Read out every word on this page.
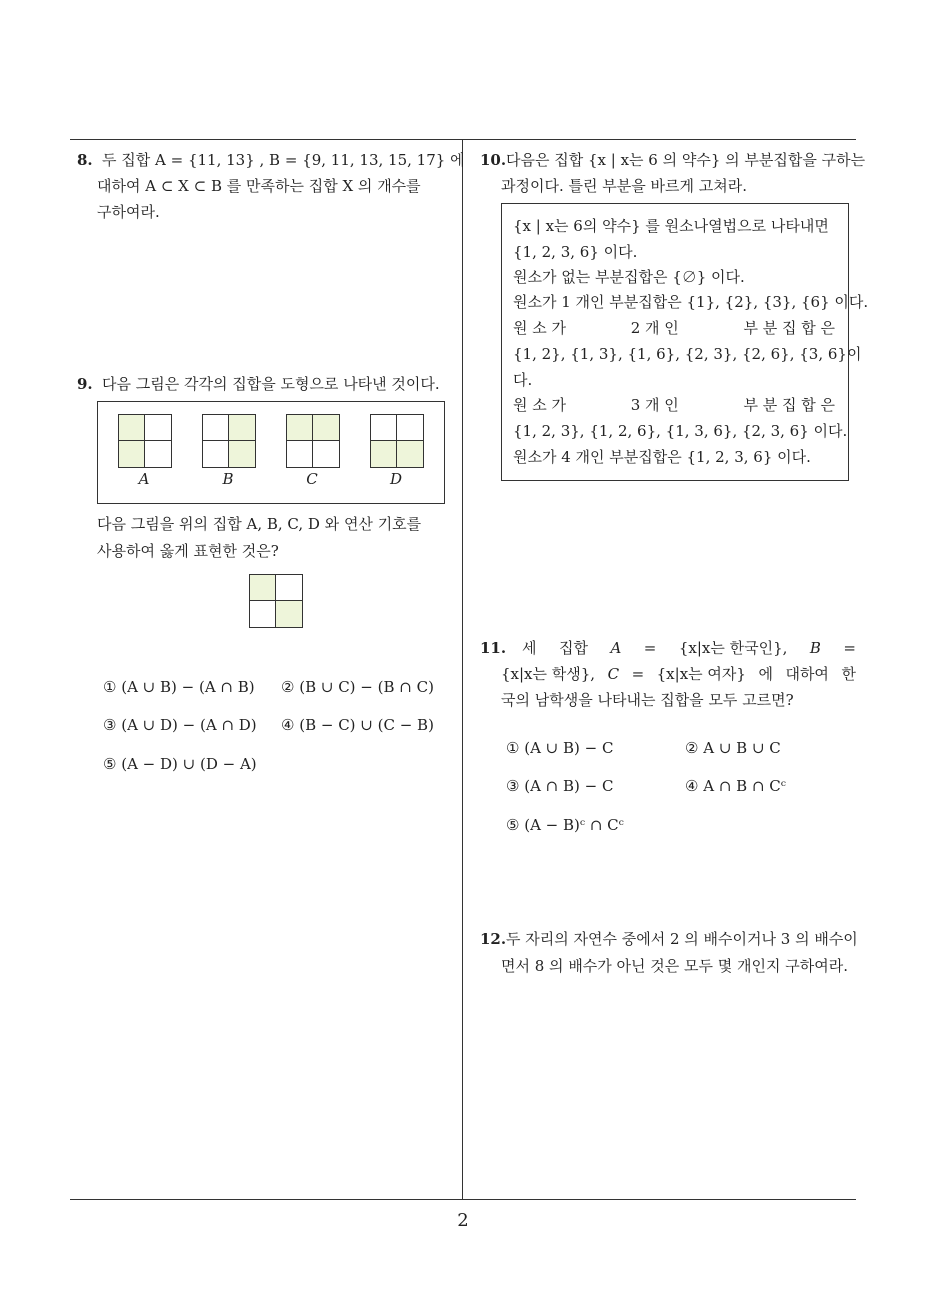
8. 두 집합 A = {11, 13} , B = {9, 11, 13, 15, 17} 에
대하여 A ⊂ X ⊂ B 를 만족하는 집합 X 의 개수를
구하여라.
9. 다음 그림은 각각의 집합을 도형으로 나타낸 것이다.
A	B	C	D
다음 그림을 위의 집합 A, B, C, D 와 연산 기호를
사용하여 옳게 표현한 것은?
① (A ∪ B) − (A ∩ B) ② (B ∪ C) − (B ∩ C)
③ (A ∪ D) − (A ∩ D) ④ (B − C) ∪ (C − B)
⑤ (A − D) ∪ (D − A)
10. 다음은 집합 {x | x는 6 의 약수} 의 부분집합을 구하는
과정이다. 틀린 부분을 바르게 고쳐라.
{x | x는 6의 약수} 를 원소나열법으로 나타내면
{1, 2, 3, 6} 이다.
원소가 없는 부분집합은 {∅} 이다.
원소가 1 개인 부분집합은 {1}, {2}, {3}, {6} 이다.
원 소 가	2 개 인	부 분 집 합 은
{1, 2}, {1, 3}, {1, 6}, {2, 3}, {2, 6}, {3, 6} 이
다.
원 소 가	3 개 인	부 분 집 합 은
{1, 2, 3}, {1, 2, 6}, {1, 3, 6}, {2, 3, 6} 이다.
원소가 4 개인 부분집합은 {1, 2, 3, 6} 이다.
11. 세 집합 A = {x|x는 한국인}, B =
{x|x는 학생}, C = {x|x는 여자} 에 대하여 한
국의 남학생을 나타내는 집합을 모두 고르면?
① (A ∪ B) − C	② A ∪ B ∪ C
③ (A ∩ B) − C	④ A ∩ B ∩ Cᶜ
⑤ (A − B)ᶜ ∩ Cᶜ
12. 두 자리의 자연수 중에서 2 의 배수이거나 3 의 배수이
면서 8 의 배수가 아닌 것은 모두 몇 개인지 구하여라.
2
